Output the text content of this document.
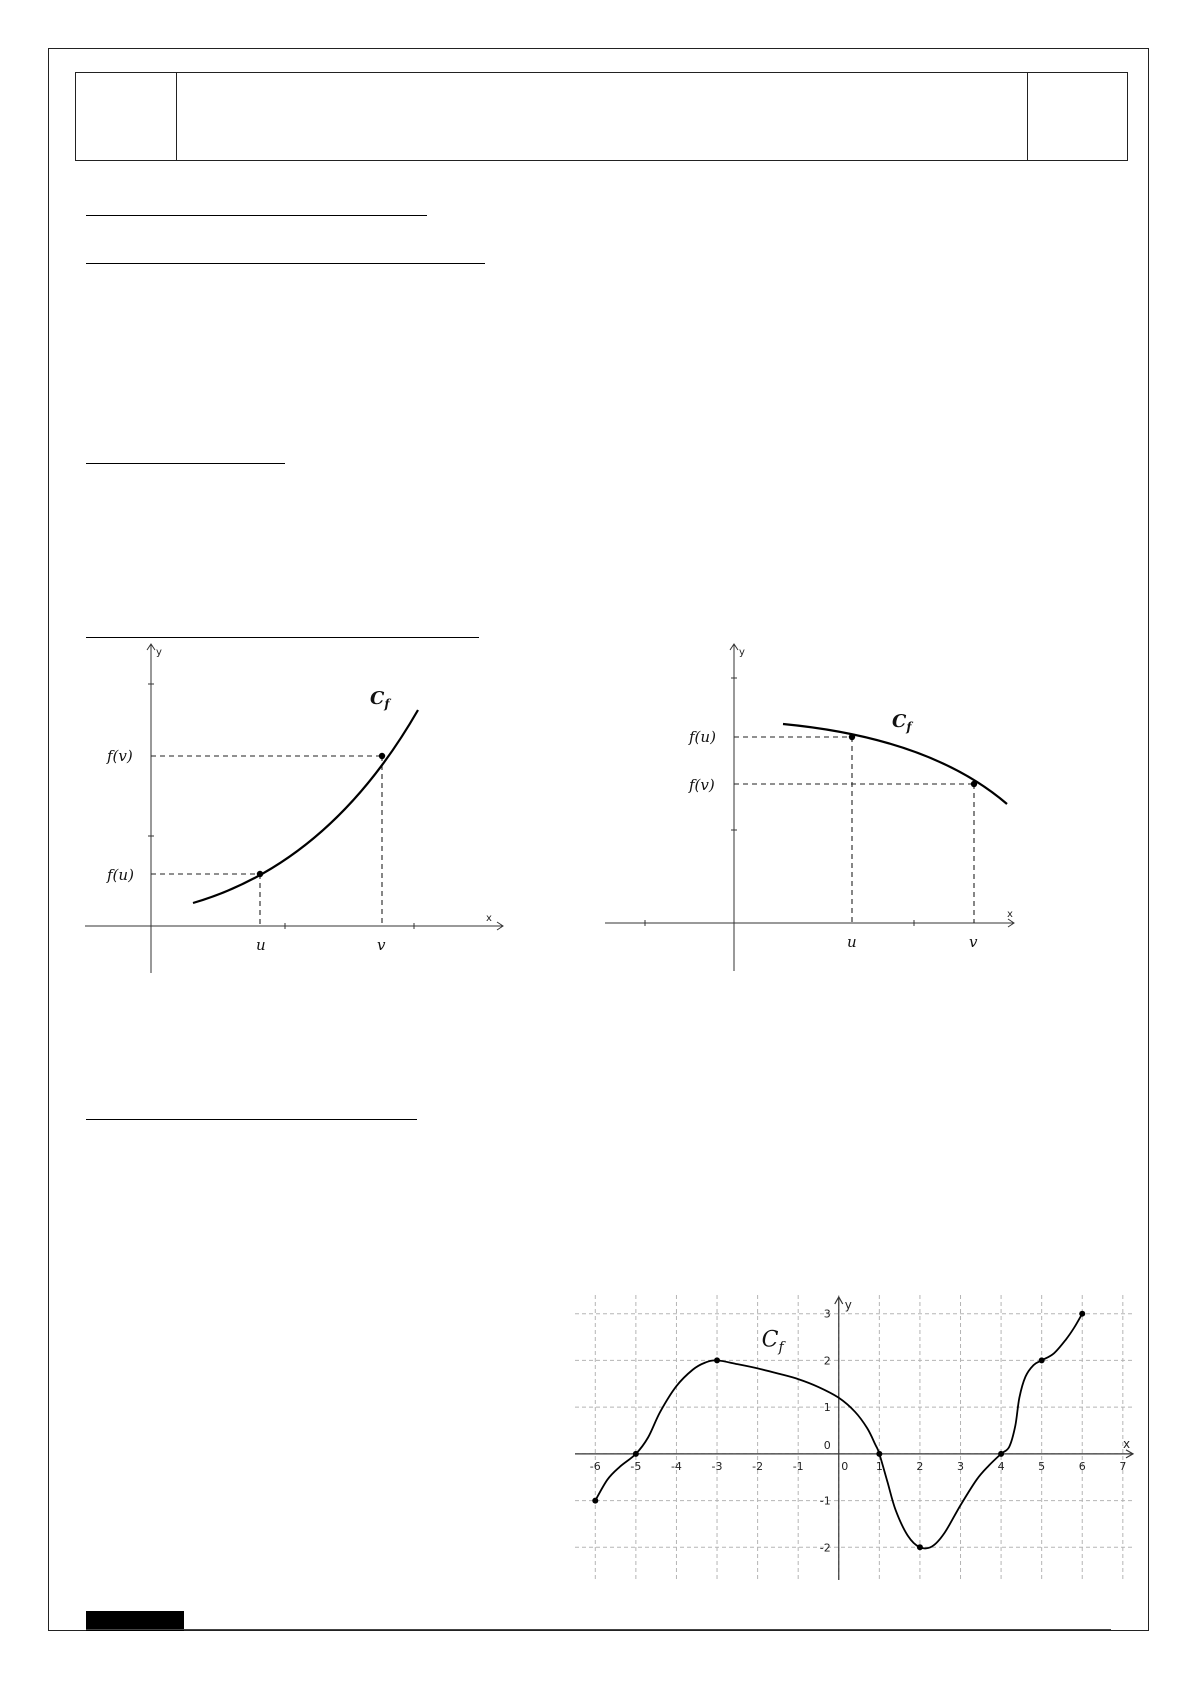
x
y
$C_f$
f(v)
f(u)
u	v
x
y
$C_f$
f(u)
f(v)
u	v
-6	-5	-4	-3	-2	-1	0	1	2	3	4	5	6	7
-2
-1
0
1
2
3
x
y
$C_f$
